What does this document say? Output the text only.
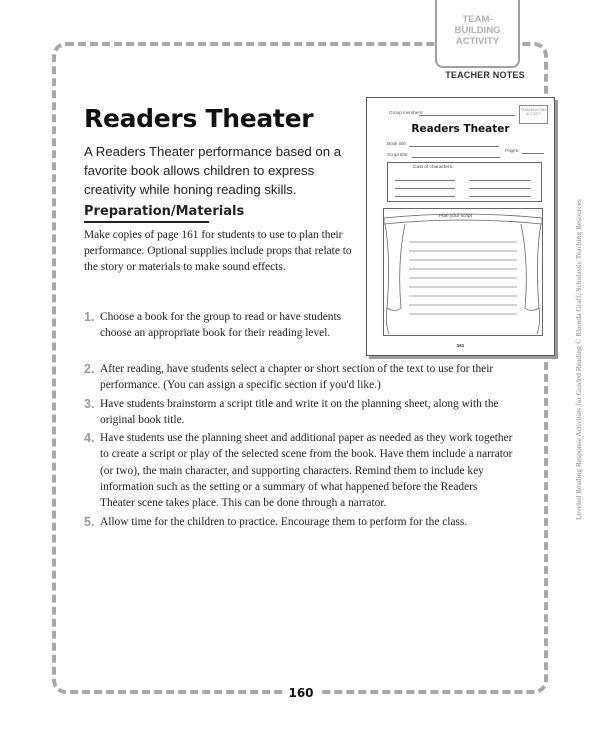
TEAM-
BUILDING
ACTIVITY
TEACHER NOTES
Readers Theater
A Readers Theater performance based on a favorite book allows children to express creativity while honing reading skills.
Preparation/Materials
Make copies of page 161 for students to use to plan their performance. Optional supplies include props that relate to the story or materials to make sound effects.
1. Choose a book for the group to read or have students choose an appropriate book for their reading level.
2. After reading, have students select a chapter or short section of the text to use for their performance. (You can assign a specific section if you'd like.)
3. Have students brainstorm a script title and write it on the planning sheet, along with the original book title.
4. Have students use the planning sheet and additional paper as needed as they work together to create a script or play of the selected scene from the book. Have them include a narrator (or two), the main character, and supporting characters. Remind them to include key information such as the setting or a summary of what happened before the Readers Theater scene takes place. This can be done through a narrator.
5. Allow time for the children to practice. Encourage them to perform for the class.
Group members:	TEAM-BUILDING ACTIVITY
Readers Theater
Book title:
Pages:
Script title:
Cast of characters:
Plan your script
161	Leveled Reading Response Activities for Guided Reading © Rhonda Graff, Scholastic Teaching Resources
160
